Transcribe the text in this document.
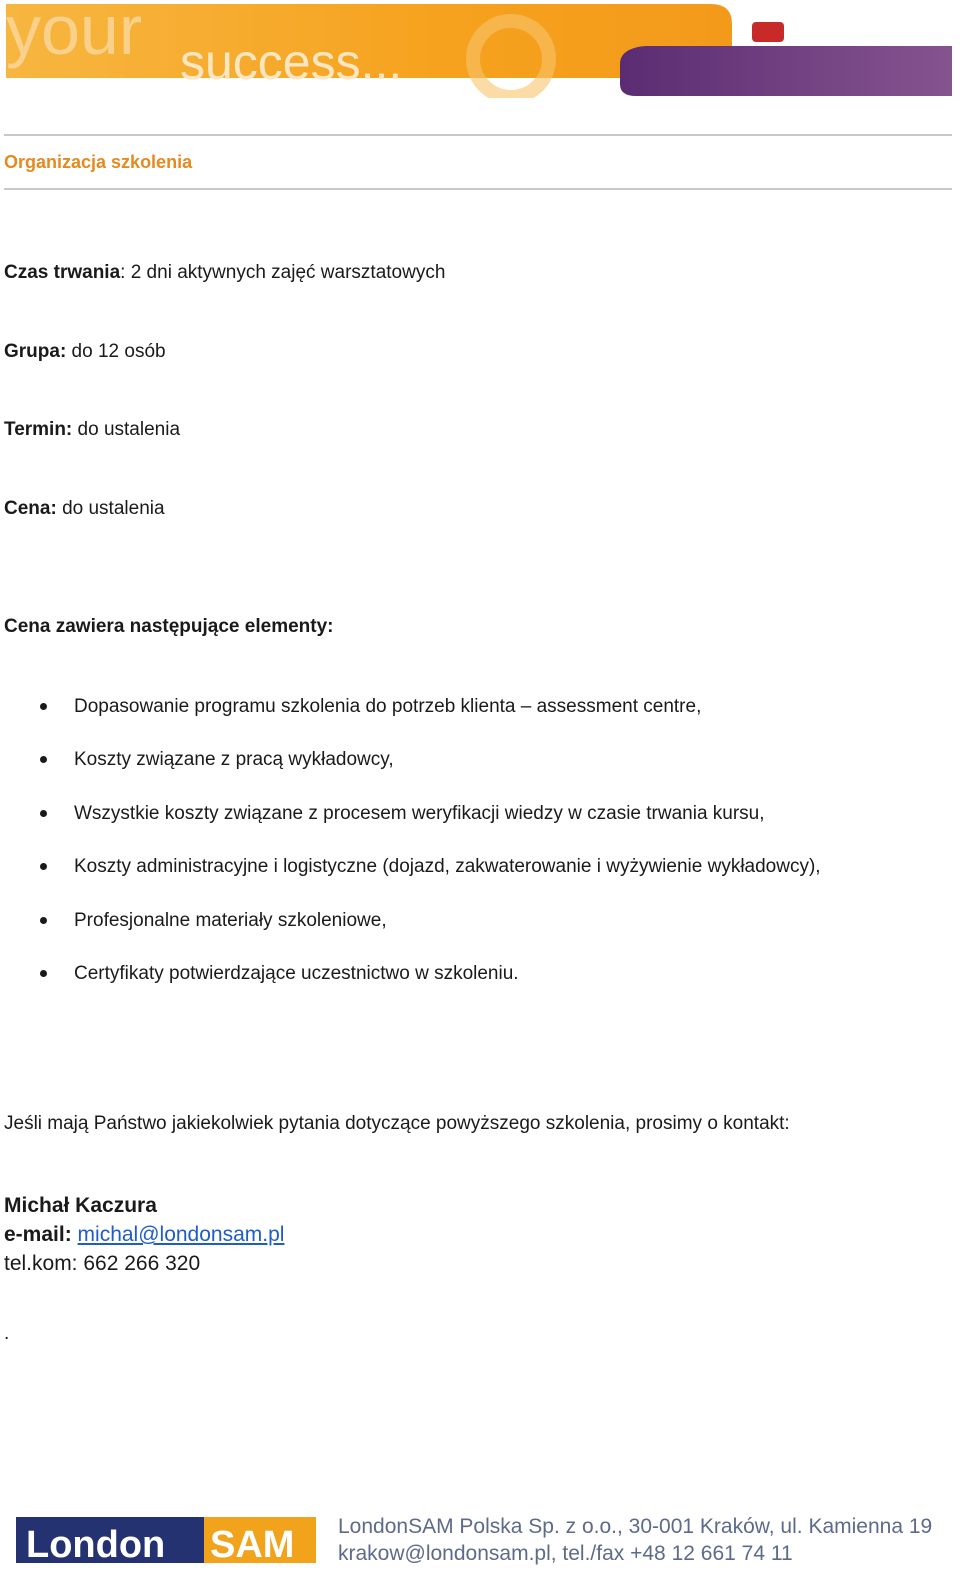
your success...
Organizacja szkolenia
Czas trwania: 2 dni aktywnych zajęć warsztatowych
Grupa: do 12 osób
Termin: do ustalenia
Cena: do ustalenia
Cena zawiera następujące elementy:
Dopasowanie programu szkolenia do potrzeb klienta – assessment centre,
Koszty związane z pracą wykładowcy,
Wszystkie koszty związane z procesem weryfikacji wiedzy w czasie trwania kursu,
Koszty administracyjne i logistyczne (dojazd, zakwaterowanie i wyżywienie wykładowcy),
Profesjonalne materiały szkoleniowe,
Certyfikaty potwierdzające uczestnictwo w szkoleniu.
Jeśli mają Państwo jakiekolwiek pytania dotyczące powyższego szkolenia, prosimy o kontakt:
Michał Kaczura
e-mail: michal@londonsam.pl
tel.kom: 662 266 320
.
London SAM LondonSAM Polska Sp. z o.o., 30-001 Kraków, ul. Kamienna 19
krakow@londonsam.pl, tel./fax +48 12 661 74 11
